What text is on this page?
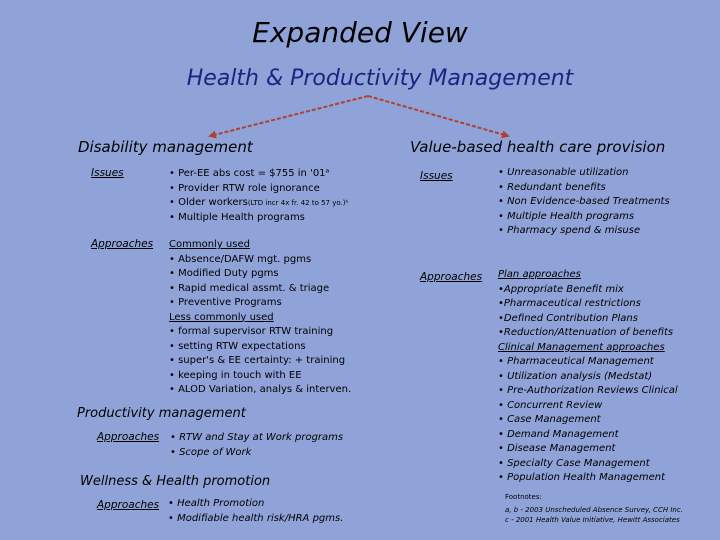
Expanded View
Health & Productivity Management
Disability management
Issues	• Per-EE abs cost = $755 in '01ᵃ
• Provider RTW role ignorance
• Older workers(LTD incr 4x fr. 42 to 57 yo.)ᵇ
• Multiple Health programs
Approaches Commonly used
• Absence/DAFW mgt. pgms
• Modified Duty pgms
• Rapid medical assmt. & triage
• Preventive Programs
Less commonly used
• formal supervisor RTW training
• setting RTW expectations
• super's & EE certainty: + training
• keeping in touch with EE
• ALOD Variation, analys & interven.
Productivity management
Approaches • RTW and Stay at Work programs
• Scope of Work
Wellness & Health promotion
Approaches • Health Promotion
• Modifiable health risk/HRA pgms.
Value-based health care provision
Issues	• Unreasonable utilization
• Redundant benefits
• Non Evidence-based Treatments
• Multiple Health programs
• Pharmacy spend & misuse
Approaches Plan approaches
•Appropriate Benefit mix
•Pharmaceutical restrictions
•Defined Contribution Plans
•Reduction/Attenuation of benefits
Clinical Management approaches
• Pharmaceutical Management
• Utilization analysis (Medstat)
• Pre-Authorization Reviews Clinical
• Concurrent Review
• Case Management
• Demand Management
• Disease Management
• Specialty Case Management
• Population Health Management
Footnotes:
a, b - 2003 Unscheduled Absence Survey, CCH Inc.
c - 2001 Health Value Initiative, Hewitt Associates
